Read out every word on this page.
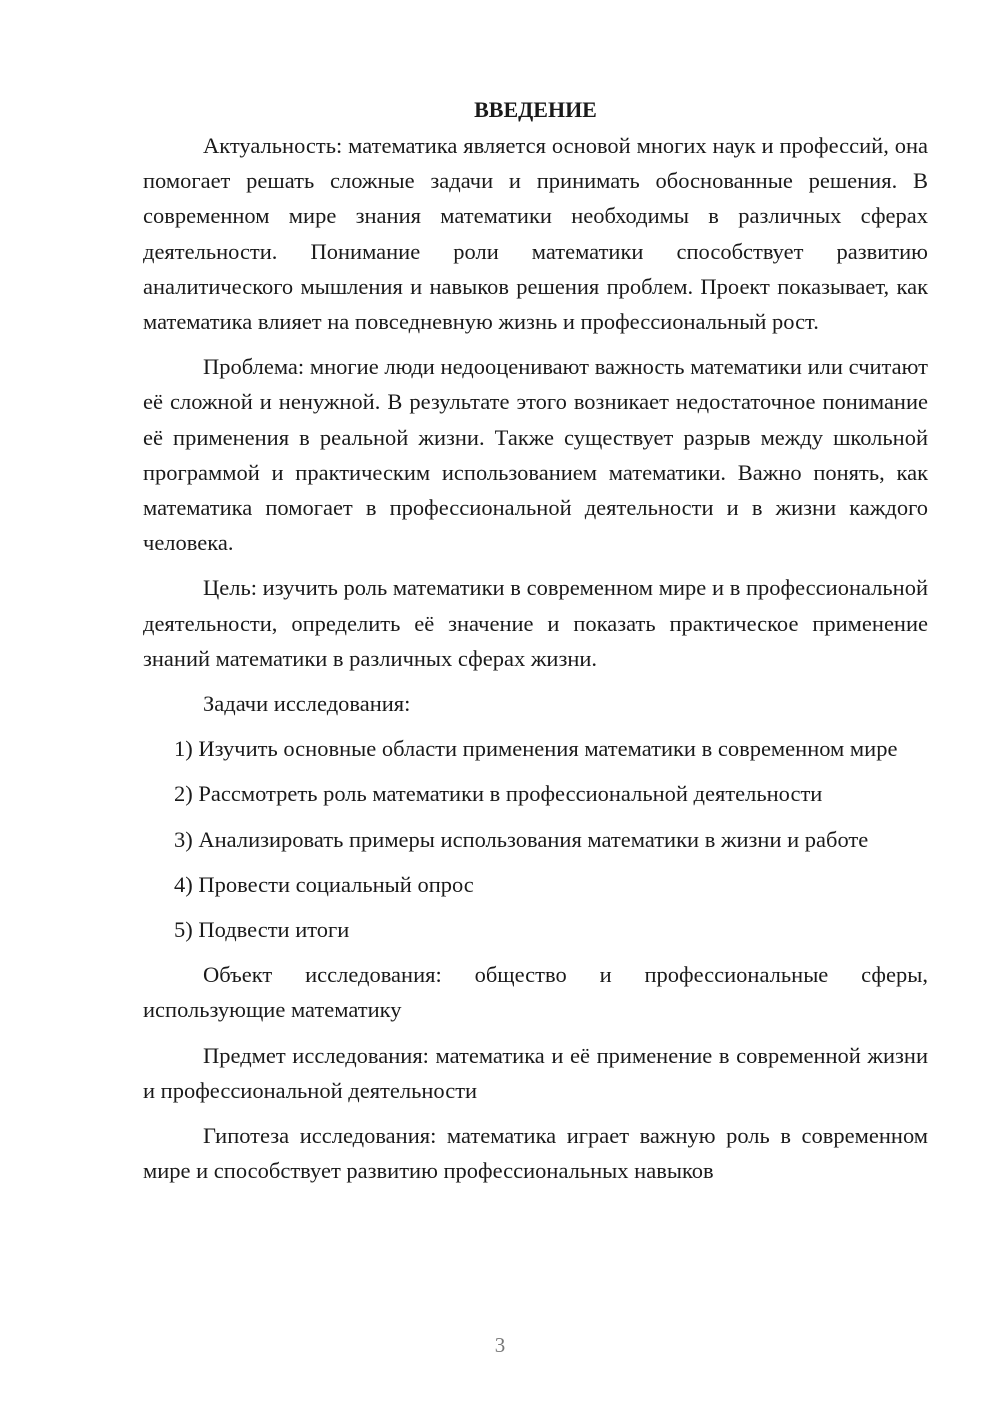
ВВЕДЕНИЕ

Актуальность: математика является основой многих наук и профессий, она помогает решать сложные задачи и принимать обоснованные решения. В современном мире знания математики необходимы в различных сферах деятельности. Понимание роли математики способствует развитию аналитического мышления и навыков решения проблем. Проект показывает, как математика влияет на повседневную жизнь и профессиональный рост.

Проблема: многие люди недооценивают важность математики или считают её сложной и ненужной. В результате этого возникает недостаточное понимание её применения в реальной жизни. Также существует разрыв между школьной программой и практическим использованием математики. Важно понять, как математика помогает в профессиональной деятельности и в жизни каждого человека.

Цель: изучить роль математики в современном мире и в профессиональной деятельности, определить её значение и показать практическое применение знаний математики в различных сферах жизни.

Задачи исследования:

1) Изучить основные области применения математики в современном мире

2) Рассмотреть роль математики в профессиональной деятельности

3) Анализировать примеры использования математики в жизни и работе

4) Провести социальный опрос

5) Подвести итоги

Объект исследования: общество и профессиональные сферы, использующие математику

Предмет исследования: математика и её применение в современной жизни и профессиональной деятельности

Гипотеза исследования: математика играет важную роль в современном мире и способствует развитию профессиональных навыков

3
